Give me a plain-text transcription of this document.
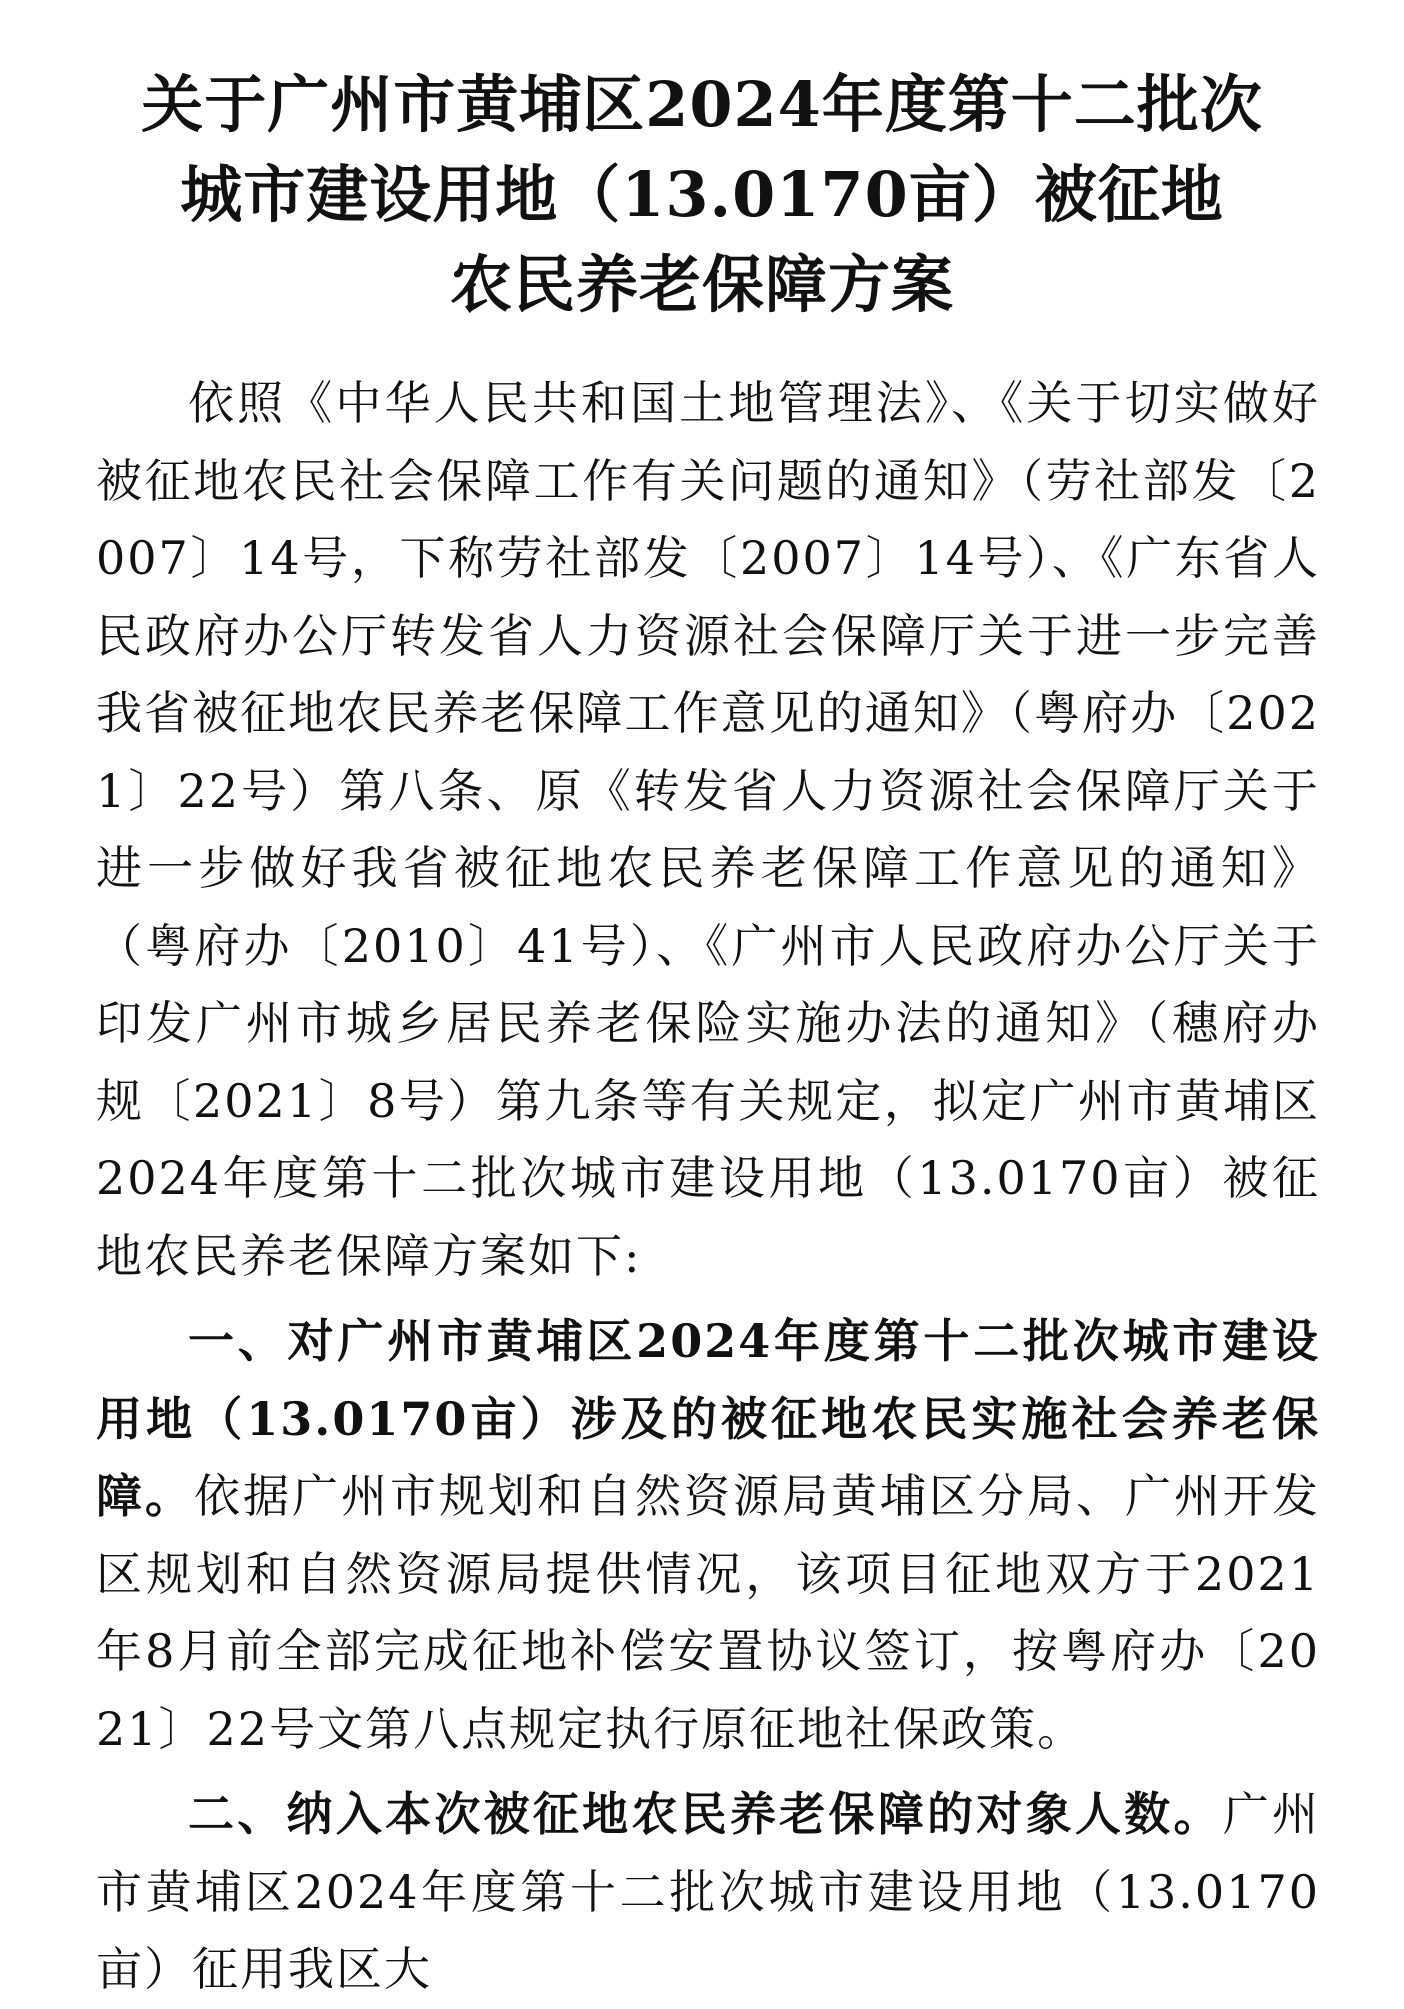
关于广州市黄埔区2024年度第十二批次
城市建设用地（13.0170亩）被征地
农民养老保障方案

依照《中华人民共和国土地管理法》、《关于切实做好被征地农民社会保障工作有关问题的通知》（劳社部发〔2007〕14号，下称劳社部发〔2007〕14号）、《广东省人民政府办公厅转发省人力资源社会保障厅关于进一步完善我省被征地农民养老保障工作意见的通知》（粤府办〔2021〕22号）第八条、原《转发省人力资源社会保障厅关于进一步做好我省被征地农民养老保障工作意见的通知》（粤府办〔2010〕41号）、《广州市人民政府办公厅关于印发广州市城乡居民养老保险实施办法的通知》（穗府办规〔2021〕8号）第九条等有关规定，拟定广州市黄埔区2024年度第十二批次城市建设用地（13.0170亩）被征地农民养老保障方案如下:

一、对广州市黄埔区2024年度第十二批次城市建设用地（13.0170亩）涉及的被征地农民实施社会养老保障。依据广州市规划和自然资源局黄埔区分局、广州开发区规划和自然资源局提供情况，该项目征地双方于2021年8月前全部完成征地补偿安置协议签订，按粤府办〔2021〕22号文第八点规定执行原征地社保政策。

二、纳入本次被征地农民养老保障的对象人数。广州市黄埔区2024年度第十二批次城市建设用地（13.0170亩）征用我区大
